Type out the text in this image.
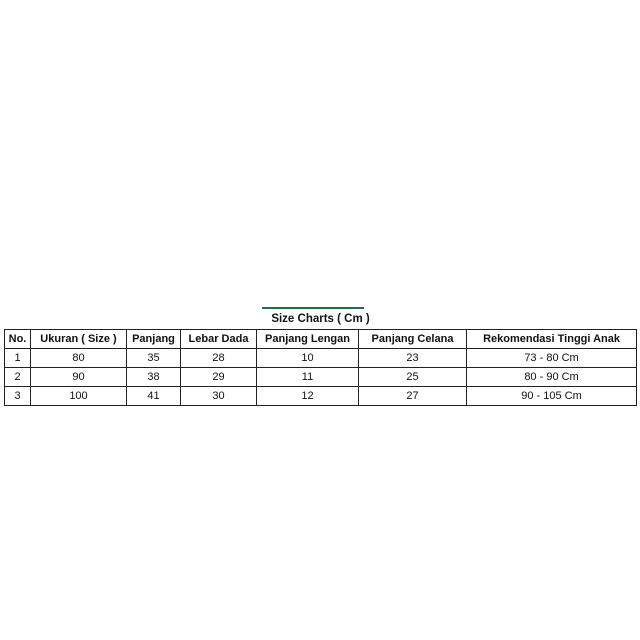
Size Charts ( Cm )						
No.	Ukuran ( Size )	Panjang	Lebar Dada	Panjang Lengan	Panjang Celana	Rekomendasi Tinggi Anak
1	80	35	28	10	23	73 - 80 Cm
2	90	38	29	11	25	80 - 90 Cm
3	100	41	30	12	27	90 - 105 Cm
